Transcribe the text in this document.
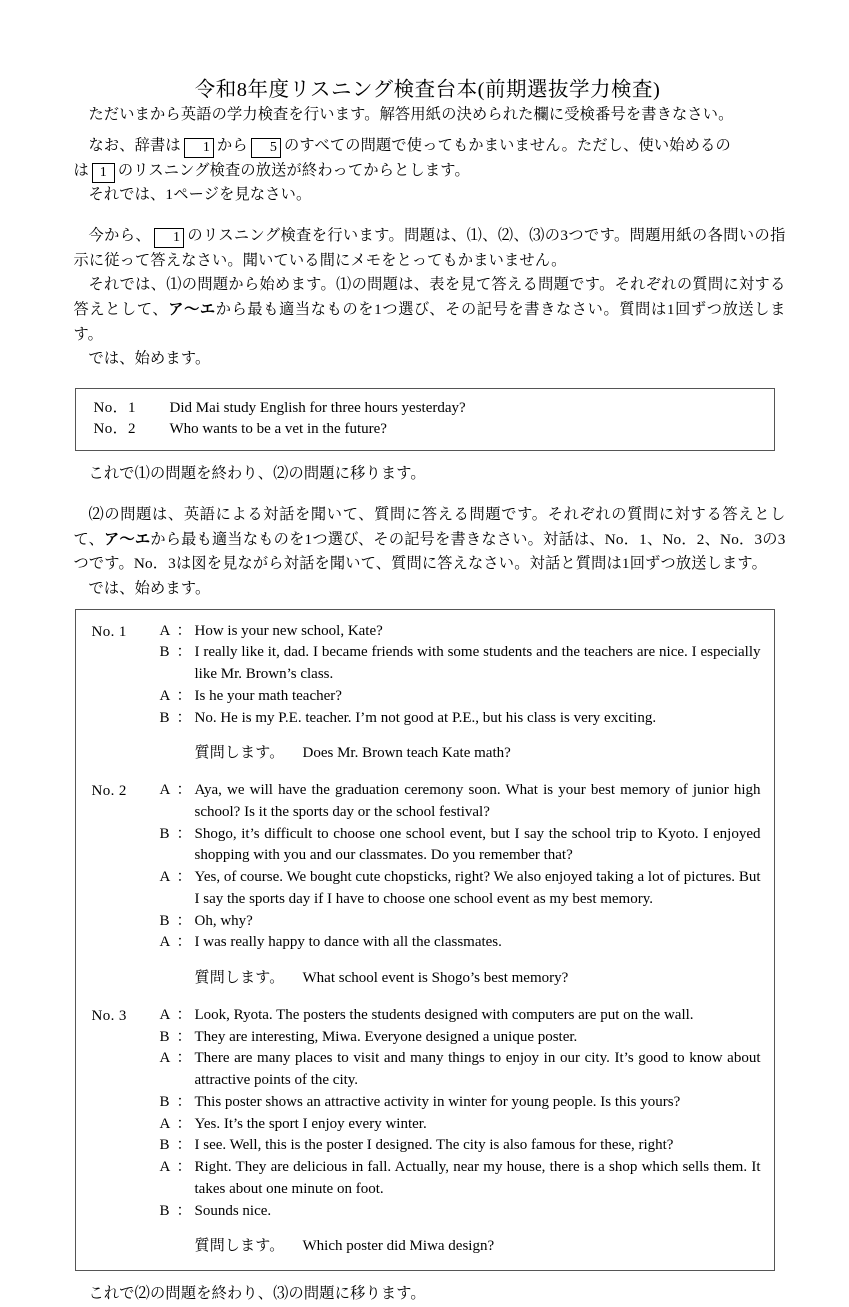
令和8年度リスニング検査台本(前期選抜学力検査)

ただいまから英語の学力検査を行います。解答用紙の決められた欄に受検番号を書きなさい。

なお、辞書は 1 から 5 のすべての問題で使ってもかまいません。ただし、使い始めるの

は 1 のリスニング検査の放送が終わってからとします。

それでは、1ページを見なさい。

今から、 1 のリスニング検査を行います。問題は、⑴、⑵、⑶の3つです。問題用紙の各問いの指示に従って答えなさい。聞いている間にメモをとってもかまいません。

それでは、⑴の問題から始めます。⑴の問題は、表を見て答える問題です。それぞれの質問に対する答えとして、ア～エから最も適当なものを1つ選び、その記号を書きなさい。質問は1回ずつ放送します。

では、始めます。

No．1	Did Mai study English for three hours yesterday?
No．2	Who wants to be a vet in the future?

これで⑴の問題を終わり、⑵の問題に移ります。

⑵の問題は、英語による対話を聞いて、質問に答える問題です。それぞれの質問に対する答えとして、ア～エから最も適当なものを1つ選び、その記号を書きなさい。対話は、No．1、No．2、No．3の3つです。No．3は図を見ながら対話を聞いて、質問に答えなさい。対話と質問は1回ずつ放送します。

では、始めます。

No. 1	A ： How is your new school, Kate?
B ： I really like it, dad. I became friends with some students and the teachers are nice. I especially like Mr. Brown’s class.
A ： Is he your math teacher?
B ： No. He is my P.E. teacher. I’m not good at P.E., but his class is very exciting.
質問します。	Does Mr. Brown teach Kate math?
No. 2	A ： Aya, we will have the graduation ceremony soon. What is your best memory of junior high school? Is it the sports day or the school festival?
B ： Shogo, it’s difficult to choose one school event, but I say the school trip to Kyoto. I enjoyed shopping with you and our classmates. Do you remember that?
A ： Yes, of course. We bought cute chopsticks, right? We also enjoyed taking a lot of pictures. But I say the sports day if I have to choose one school event as my best memory.
B ： Oh, why?
A ： I was really happy to dance with all the classmates.
質問します。	What school event is Shogo’s best memory?
No. 3	A ： Look, Ryota. The posters the students designed with computers are put on the wall.
B ： They are interesting, Miwa. Everyone designed a unique poster.
A ： There are many places to visit and many things to enjoy in our city. It’s good to know about attractive points of the city.
B ： This poster shows an attractive activity in winter for young people. Is this yours?
A ： Yes. It’s the sport I enjoy every winter.
B ： I see. Well, this is the poster I designed. The city is also famous for these, right?
A ： Right. They are delicious in fall. Actually, near my house, there is a shop which sells them. It takes about one minute on foot.
B ： Sounds nice.
質問します。	Which poster did Miwa design?

これで⑵の問題を終わり、⑶の問題に移ります。
